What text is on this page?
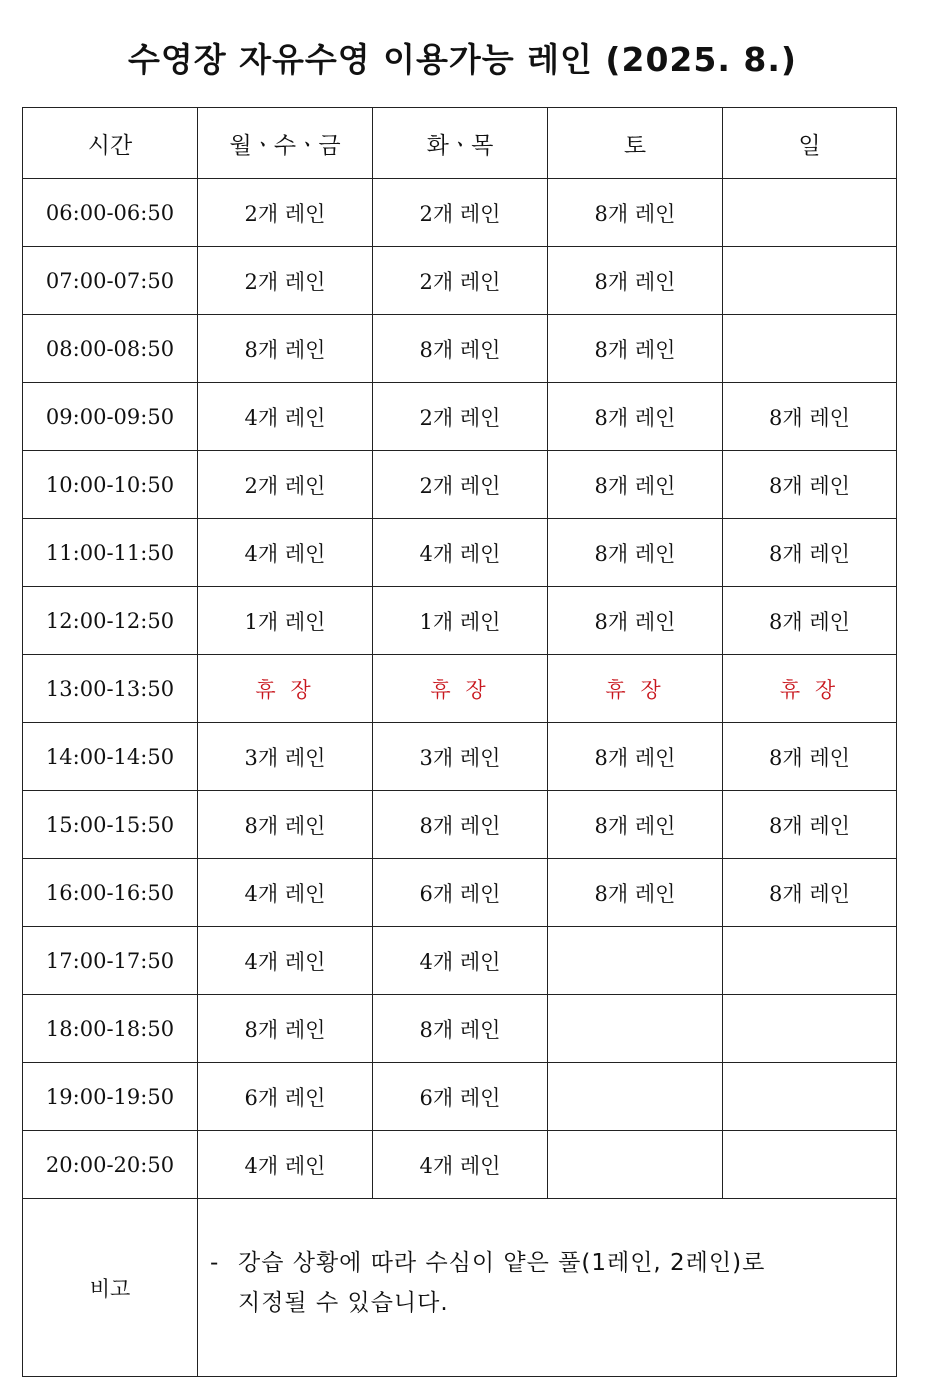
수영장 자유수영 이용가능 레인 (2025. 8.)
시간	월ㆍ수ㆍ금	화ㆍ목	토	일
06:00-06:50	2개 레인	2개 레인	8개 레인	
07:00-07:50	2개 레인	2개 레인	8개 레인	
08:00-08:50	8개 레인	8개 레인	8개 레인	
09:00-09:50	4개 레인	2개 레인	8개 레인	8개 레인
10:00-10:50	2개 레인	2개 레인	8개 레인	8개 레인
11:00-11:50	4개 레인	4개 레인	8개 레인	8개 레인
12:00-12:50	1개 레인	1개 레인	8개 레인	8개 레인
13:00-13:50	휴 장	휴 장	휴 장	휴 장
14:00-14:50	3개 레인	3개 레인	8개 레인	8개 레인
15:00-15:50	8개 레인	8개 레인	8개 레인	8개 레인
16:00-16:50	4개 레인	6개 레인	8개 레인	8개 레인
17:00-17:50	4개 레인	4개 레인		
18:00-18:50	8개 레인	8개 레인		
19:00-19:50	6개 레인	6개 레인		
20:00-20:50	4개 레인	4개 레인		
비고	- 강습 상황에 따라 수심이 얕은 풀(1레인, 2레인)로
지정될 수 있습니다.			
